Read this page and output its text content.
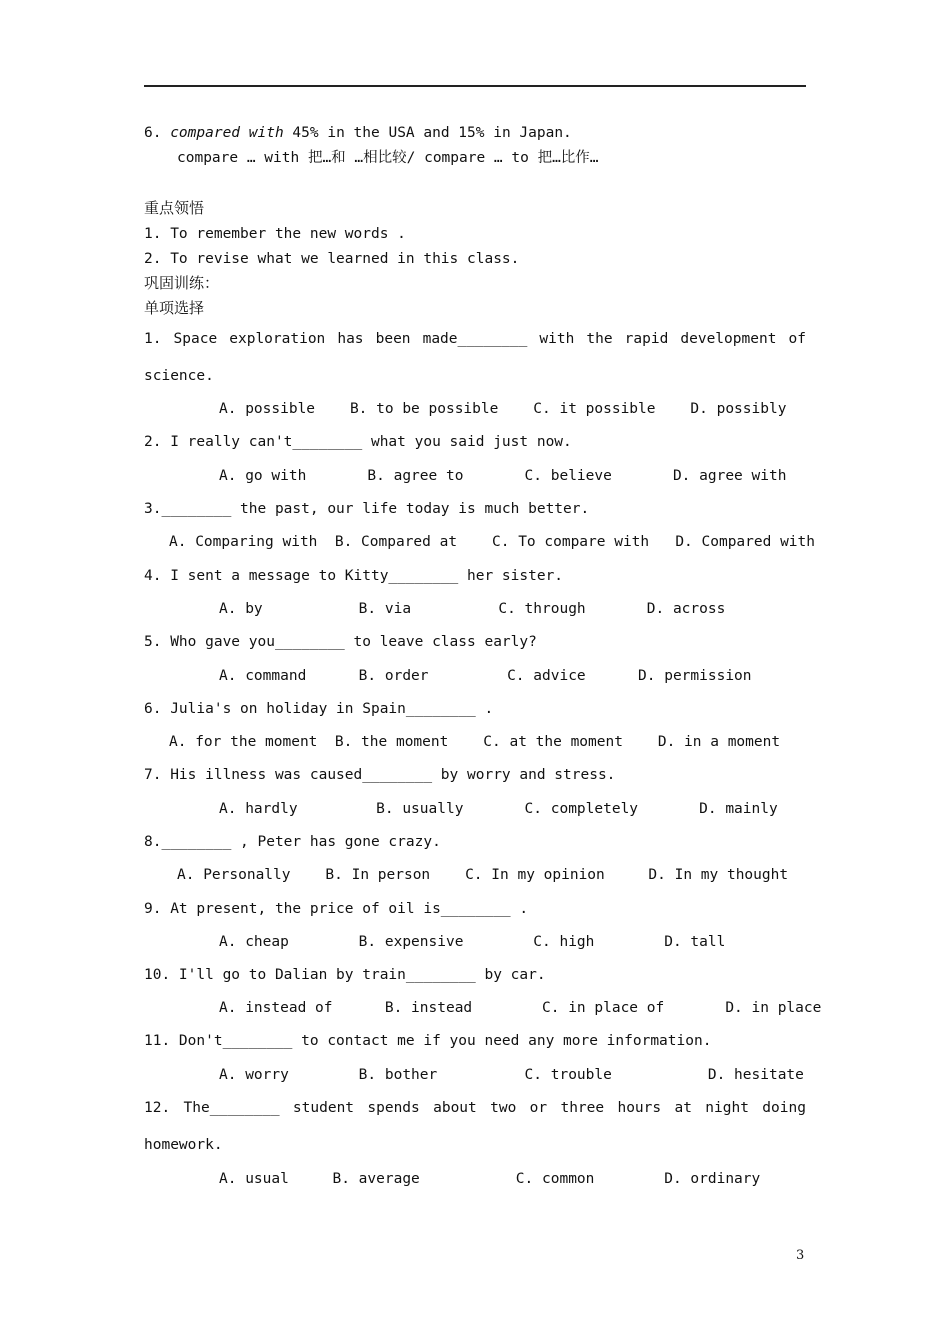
6. compared with 45% in the USA and 15% in Japan.
compare … with 把…和 …相比较/ compare … to 把…比作…
重点领悟
1. To remember the new words .
2. To revise what we learned in this class.
巩固训练：
单项选择
1. Space exploration has been made________ with the rapid development of
science.
A. possible    B. to be possible    C. it possible    D. possibly
2. I really can't________ what you said just now.
A. go with       B. agree to       C. believe       D. agree with
3.________ the past, our life today is much better.
A. Comparing with  B. Compared at    C. To compare with   D. Compared with
4. I sent a message to Kitty________ her sister.
A. by           B. via          C. through       D. across
5. Who gave you________ to leave class early?
A. command      B. order         C. advice      D. permission
6. Julia's on holiday in Spain________ .
A. for the moment  B. the moment    C. at the moment    D. in a moment
7. His illness was caused________ by worry and stress.
A. hardly         B. usually       C. completely       D. mainly
8.________ , Peter has gone crazy.
A. Personally    B. In person    C. In my opinion     D. In my thought
9. At present, the price of oil is________ .
A. cheap        B. expensive        C. high        D. tall
10. I'll go to Dalian by train________ by car.
A. instead of      B. instead        C. in place of       D. in place
11. Don't________ to contact me if you need any more information.
A. worry        B. bother          C. trouble           D. hesitate
12. The________ student spends about two or three hours at night doing
homework.
A. usual     B. average           C. common        D. ordinary
3
